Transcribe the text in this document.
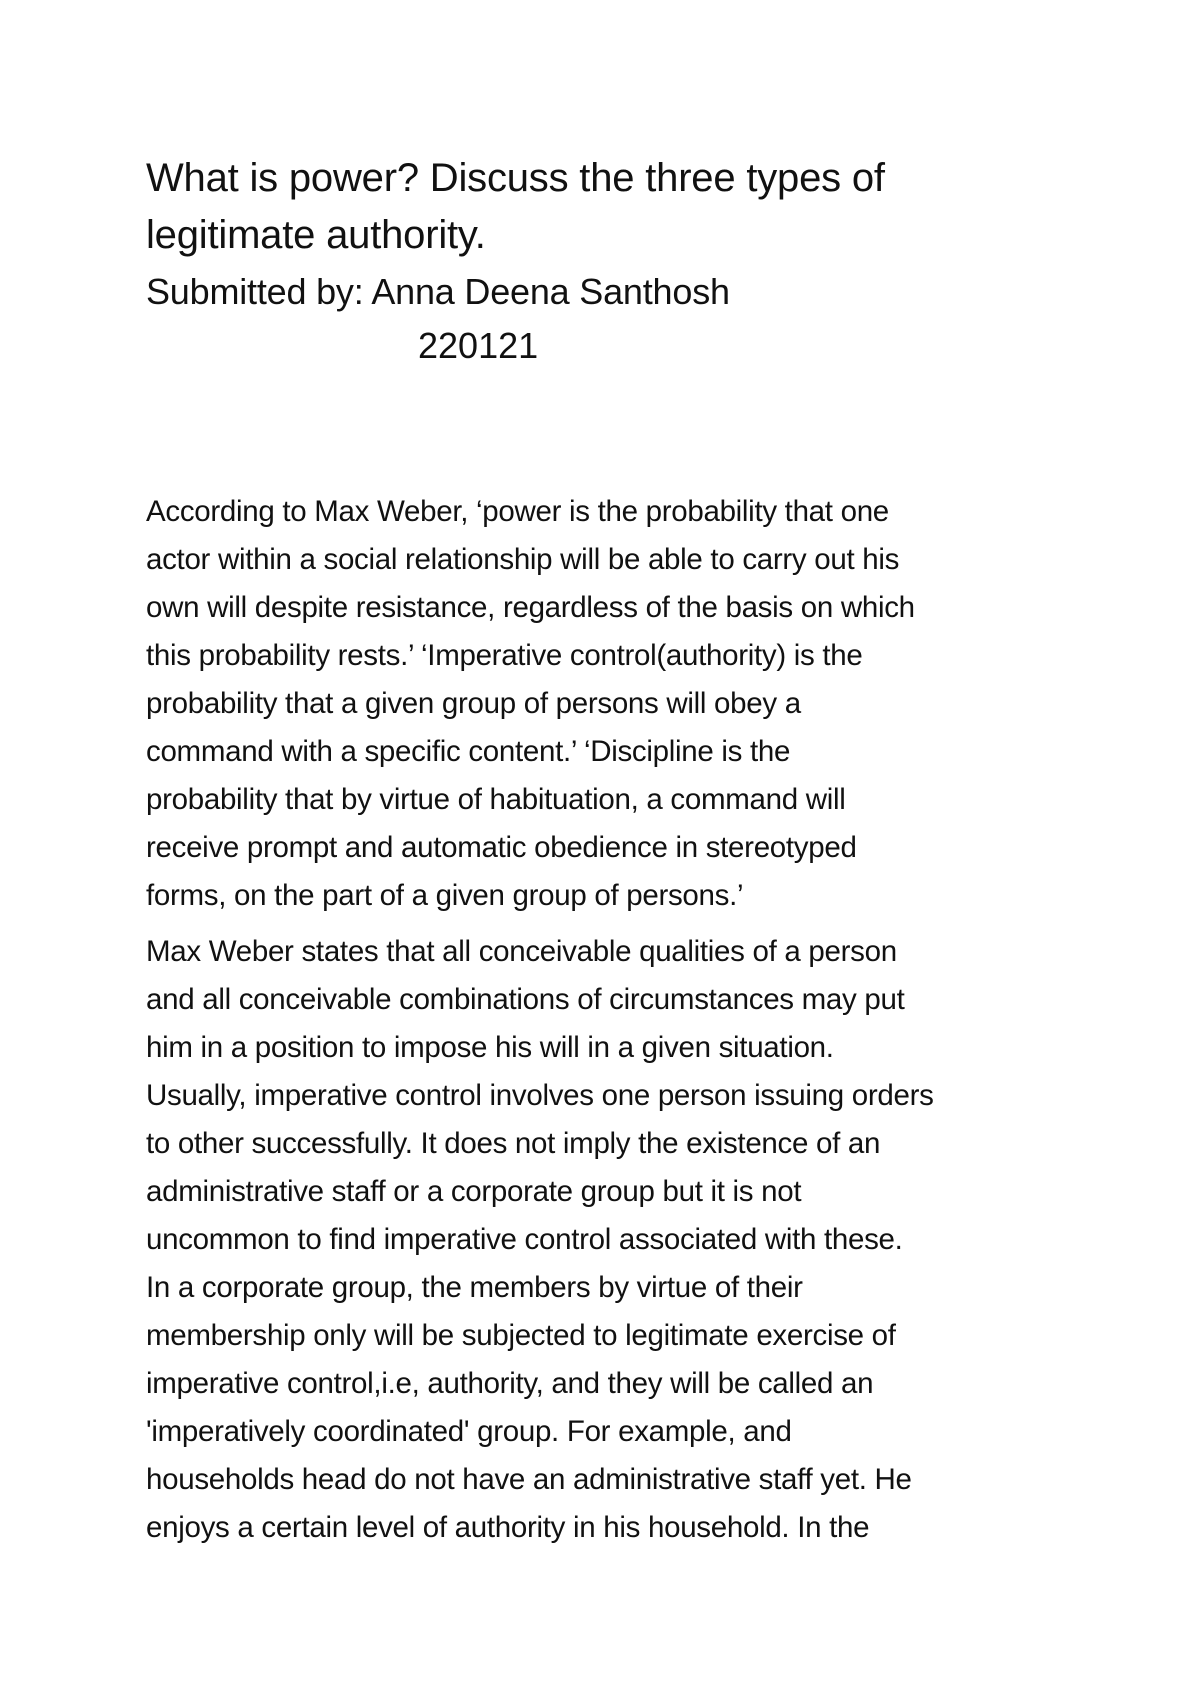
What is power? Discuss the three types of
legitimate authority.

Submitted by: Anna Deena Santhosh

220121

According to Max Weber, ‘power is the probability that one
actor within a social relationship will be able to carry out his
own will despite resistance, regardless of the basis on which
this probability rests.’ ‘Imperative control(authority) is the
probability that a given group of persons will obey a
command with a specific content.’ ‘Discipline is the
probability that by virtue of habituation, a command will
receive prompt and automatic obedience in stereotyped
forms, on the part of a given group of persons.’

Max Weber states that all conceivable qualities of a person
and all conceivable combinations of circumstances may put
him in a position to impose his will in a given situation.
Usually, imperative control involves one person issuing orders
to other successfully. It does not imply the existence of an
administrative staff or a corporate group but it is not
uncommon to find imperative control associated with these.
In a corporate group, the members by virtue of their
membership only will be subjected to legitimate exercise of
imperative control,i.e, authority, and they will be called an
'imperatively coordinated' group. For example, and
households head do not have an administrative staff yet. He
enjoys a certain level of authority in his household. In the
